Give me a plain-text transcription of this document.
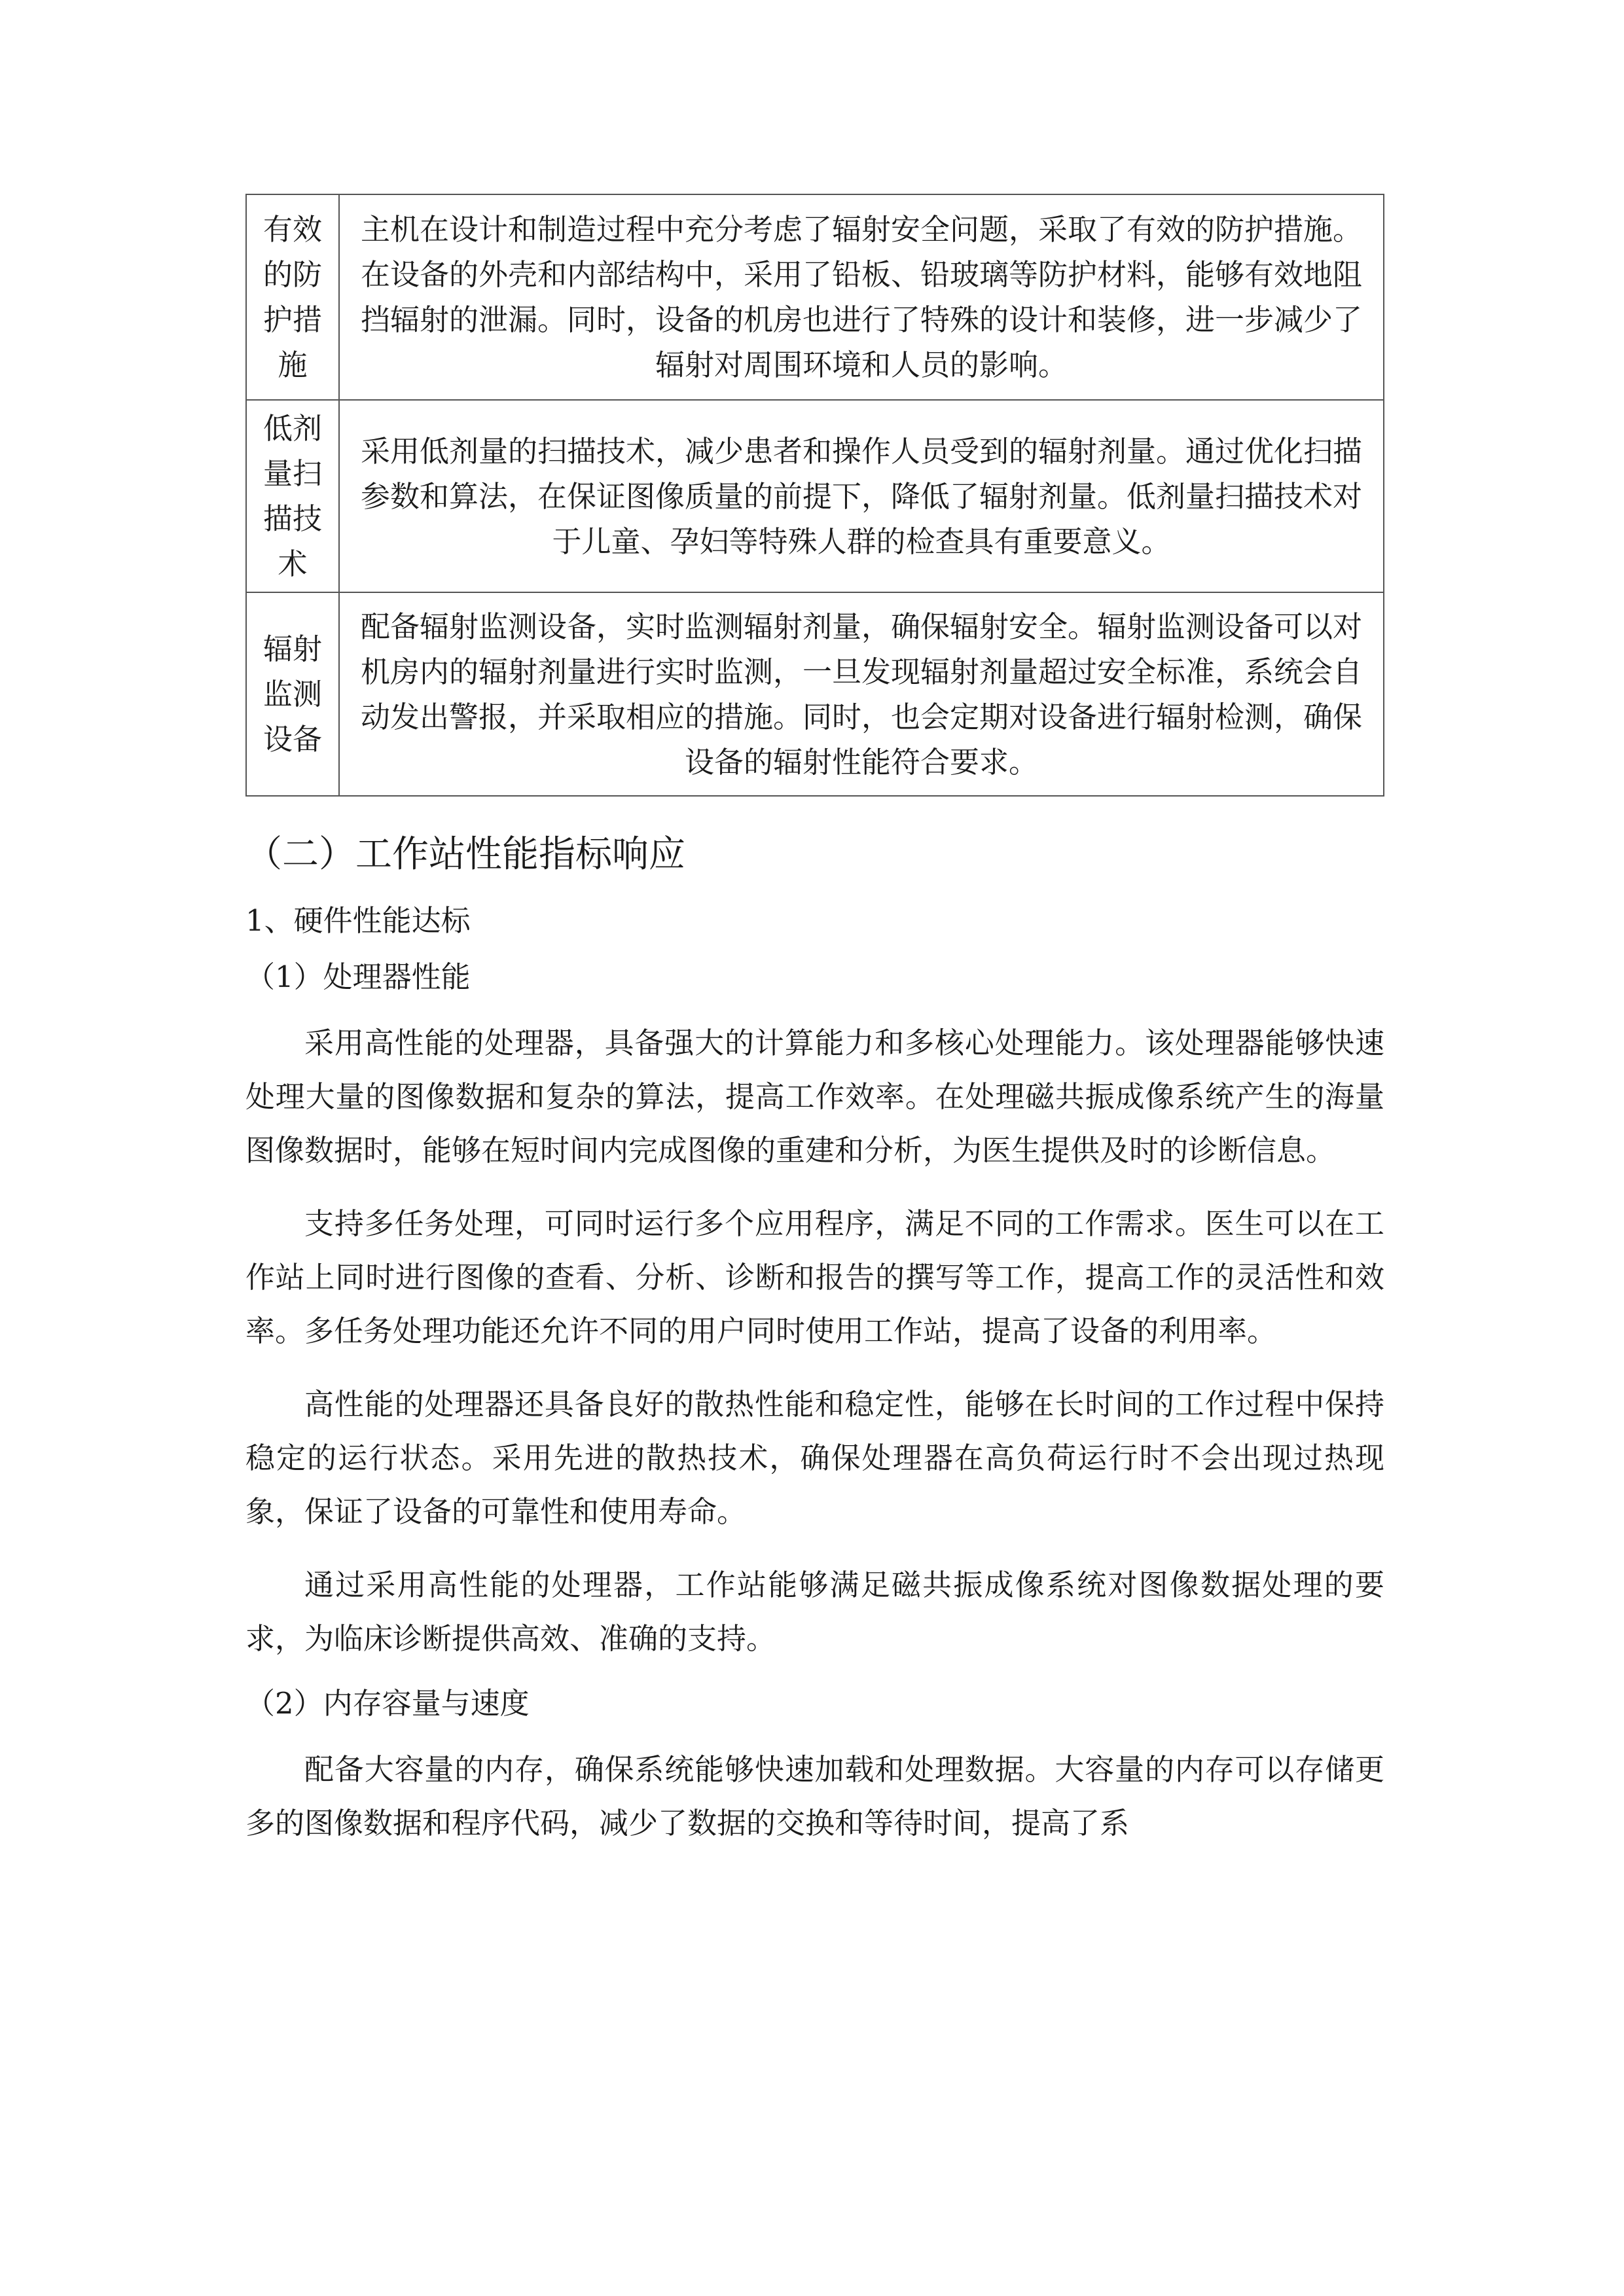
有效的防护措施	主机在设计和制造过程中充分考虑了辐射安全问题，采取了有效的防护措施。在设备的外壳和内部结构中，采用了铅板、铅玻璃等防护材料，能够有效地阻挡辐射的泄漏。同时，设备的机房也进行了特殊的设计和装修，进一步减少了辐射对周围环境和人员的影响。
低剂量扫描技术	采用低剂量的扫描技术，减少患者和操作人员受到的辐射剂量。通过优化扫描参数和算法，在保证图像质量的前提下，降低了辐射剂量。低剂量扫描技术对于儿童、孕妇等特殊人群的检查具有重要意义。
辐射监测设备	配备辐射监测设备，实时监测辐射剂量，确保辐射安全。辐射监测设备可以对机房内的辐射剂量进行实时监测，一旦发现辐射剂量超过安全标准，系统会自动发出警报，并采取相应的措施。同时，也会定期对设备进行辐射检测，确保设备的辐射性能符合要求。
（二）工作站性能指标响应
1、硬件性能达标
（1）处理器性能

采用高性能的处理器，具备强大的计算能力和多核心处理能力。该处理器能够快速处理大量的图像数据和复杂的算法，提高工作效率。在处理磁共振成像系统产生的海量图像数据时，能够在短时间内完成图像的重建和分析，为医生提供及时的诊断信息。

支持多任务处理，可同时运行多个应用程序，满足不同的工作需求。医生可以在工作站上同时进行图像的查看、分析、诊断和报告的撰写等工作，提高工作的灵活性和效率。多任务处理功能还允许不同的用户同时使用工作站，提高了设备的利用率。

高性能的处理器还具备良好的散热性能和稳定性，能够在长时间的工作过程中保持稳定的运行状态。采用先进的散热技术，确保处理器在高负荷运行时不会出现过热现象，保证了设备的可靠性和使用寿命。

通过采用高性能的处理器，工作站能够满足磁共振成像系统对图像数据处理的要求，为临床诊断提供高效、准确的支持。

（2）内存容量与速度

配备大容量的内存，确保系统能够快速加载和处理数据。大容量的内存可以存储更多的图像数据和程序代码，减少了数据的交换和等待时间，提高了系
